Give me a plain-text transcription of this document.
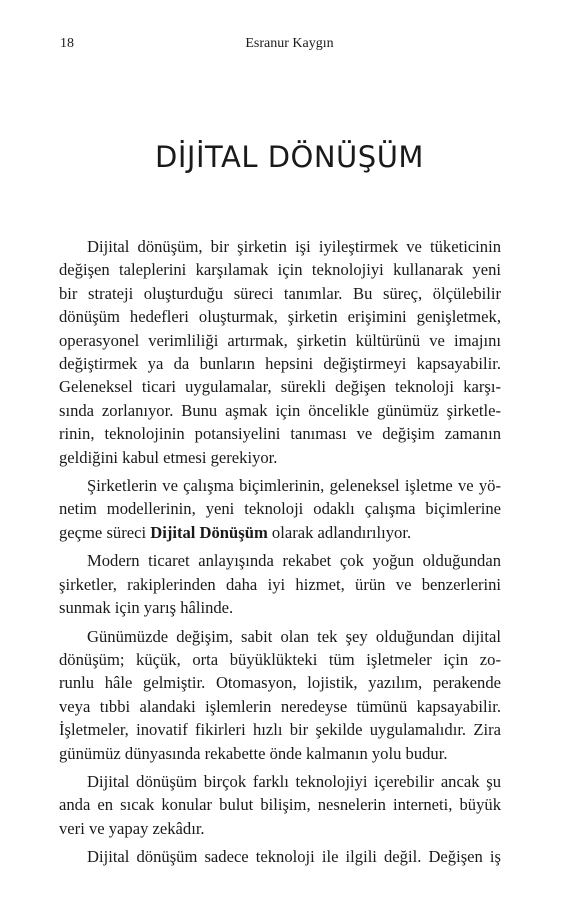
18	Esranur Kaygın
DİJİTAL DÖNÜŞÜM
Dijital dönüşüm, bir şirketin işi iyileştirmek ve tüketicinin
değişen taleplerini karşılamak için teknolojiyi kullanarak yeni
bir strateji oluşturduğu süreci tanımlar. Bu süreç, ölçülebilir
dönüşüm hedefleri oluşturmak, şirketin erişimini genişletmek,
operasyonel verimliliği artırmak, şirketin kültürünü ve imajını
değiştirmek ya da bunların hepsini değiştirmeyi kapsayabilir.
Geleneksel ticari uygulamalar, sürekli değişen teknoloji karşı-
sında zorlanıyor. Bunu aşmak için öncelikle günümüz şirketle-
rinin, teknolojinin potansiyelini tanıması ve değişim zamanın
geldiğini kabul etmesi gerekiyor.
Şirketlerin ve çalışma biçimlerinin, geleneksel işletme ve yö-
netim modellerinin, yeni teknoloji odaklı çalışma biçimlerine
geçme süreci Dijital Dönüşüm olarak adlandırılıyor.
Modern ticaret anlayışında rekabet çok yoğun olduğundan
şirketler, rakiplerinden daha iyi hizmet, ürün ve benzerlerini
sunmak için yarış hâlinde.
Günümüzde değişim, sabit olan tek şey olduğundan dijital
dönüşüm; küçük, orta büyüklükteki tüm işletmeler için zo-
runlu hâle gelmiştir. Otomasyon, lojistik, yazılım, perakende
veya tıbbi alandaki işlemlerin neredeyse tümünü kapsayabilir.
İşletmeler, inovatif fikirleri hızlı bir şekilde uygulamalıdır. Zira
günümüz dünyasında rekabette önde kalmanın yolu budur.
Dijital dönüşüm birçok farklı teknolojiyi içerebilir ancak şu
anda en sıcak konular bulut bilişim, nesnelerin interneti, büyük
veri ve yapay zekâdır.
Dijital dönüşüm sadece teknoloji ile ilgili değil. Değişen iş
